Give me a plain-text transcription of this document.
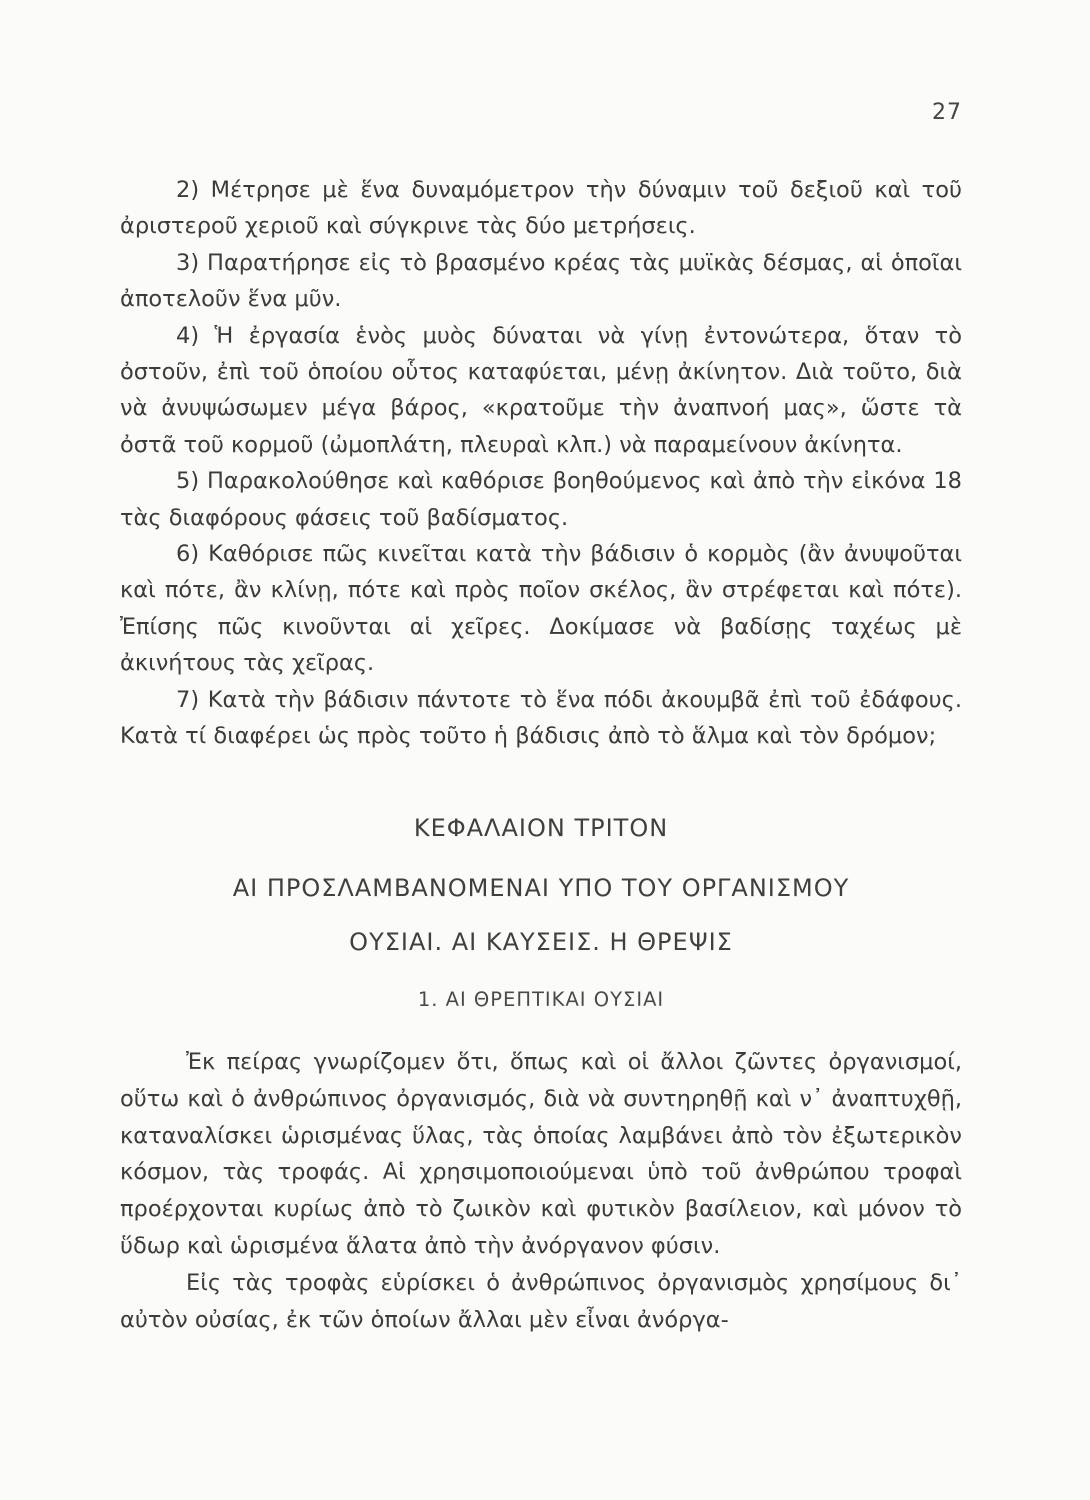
27

2) Μέτρησε μὲ ἕνα δυναμόμετρον τὴν δύναμιν τοῦ δεξιοῦ καὶ τοῦ ἀριστεροῦ χεριοῦ καὶ σύγκρινε τὰς δύο μετρήσεις.

3) Παρατήρησε εἰς τὸ βρασμένο κρέας τὰς μυϊκὰς δέσμας, αἱ ὁποῖαι ἀποτελοῦν ἕνα μῦν.

4) Ἡ ἐργασία ἑνὸς μυὸς δύναται νὰ γίνῃ ἐντονώτερα, ὅταν τὸ ὀστοῦν, ἐπὶ τοῦ ὁποίου οὗτος καταφύεται, μένῃ ἀκίνητον. Διὰ τοῦτο, διὰ νὰ ἀνυψώσωμεν μέγα βάρος, «κρατοῦμε τὴν ἀναπνοή μας», ὥστε τὰ ὀστᾶ τοῦ κορμοῦ (ὠμοπλάτη, πλευραὶ κλπ.) νὰ παραμείνουν ἀκίνητα.

5) Παρακολούθησε καὶ καθόρισε βοηθούμενος καὶ ἀπὸ τὴν εἰκόνα 18 τὰς διαφόρους φάσεις τοῦ βαδίσματος.

6) Καθόρισε πῶς κινεῖται κατὰ τὴν βάδισιν ὁ κορμὸς (ἂν ἀνυψοῦται καὶ πότε, ἂν κλίνῃ, πότε καὶ πρὸς ποῖον σκέλος, ἂν στρέφεται καὶ πότε). Ἐπίσης πῶς κινοῦνται αἱ χεῖρες. Δοκίμασε νὰ βαδίσῃς ταχέως μὲ ἀκινήτους τὰς χεῖρας.

7) Κατὰ τὴν βάδισιν πάντοτε τὸ ἕνα πόδι ἀκουμβᾶ ἐπὶ τοῦ ἐδάφους. Κατὰ τί διαφέρει ὡς πρὸς τοῦτο ἡ βάδισις ἀπὸ τὸ ἅλμα καὶ τὸν δρόμον;

ΚΕΦΑΛΑΙΟΝ ΤΡΙΤΟΝ
ΑΙ ΠΡΟΣΛΑΜΒΑΝΟΜΕΝΑΙ ΥΠΟ ΤΟΥ ΟΡΓΑΝΙΣΜΟΥ
ΟΥΣΙΑΙ. ΑΙ ΚΑΥΣΕΙΣ. Η ΘΡΕΨΙΣ
1. ΑΙ ΘΡΕΠΤΙΚΑΙ ΟΥΣΙΑΙ

Ἐκ πείρας γνωρίζομεν ὅτι, ὅπως καὶ οἱ ἄλλοι ζῶντες ὀργανισμοί, οὕτω καὶ ὁ ἀνθρώπινος ὀργανισμός, διὰ νὰ συντηρηθῇ καὶ ν᾿ ἀναπτυχθῇ, καταναλίσκει ὡρισμένας ὕλας, τὰς ὁποίας λαμβάνει ἀπὸ τὸν ἐξωτερικὸν κόσμον, τὰς τροφάς. Αἱ χρησιμοποιούμεναι ὑπὸ τοῦ ἀνθρώπου τροφαὶ προέρχονται κυρίως ἀπὸ τὸ ζωικὸν καὶ φυτικὸν βασίλειον, καὶ μόνον τὸ ὕδωρ καὶ ὡρισμένα ἅλατα ἀπὸ τὴν ἀνόργανον φύσιν.

Εἰς τὰς τροφὰς εὑρίσκει ὁ ἀνθρώπινος ὀργανισμὸς χρησίμους δι᾿ αὐτὸν οὐσίας, ἐκ τῶν ὁποίων ἄλλαι μὲν εἶναι ἀνόργα-
